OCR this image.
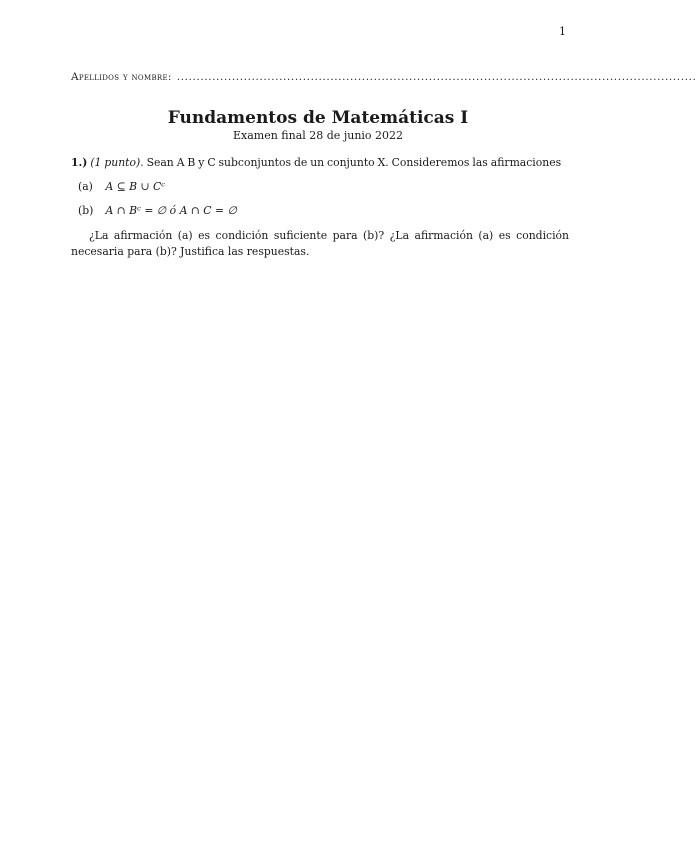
1
Apellidos y nombre: ....................................................................................................................................
Fundamentos de Matemáticas I
Examen final 28 de junio 2022
1.) (1 punto). Sean A B y C subconjuntos de un conjunto X. Consideremos las afirmaciones
(a) A ⊆ B ∪ Cᶜ
(b) A ∩ Bᶜ = ∅ ó A ∩ C = ∅
¿La afirmación (a) es condición suficiente para (b)? ¿La afirmación (a) es condición necesaria para (b)? Justifica las respuestas.
